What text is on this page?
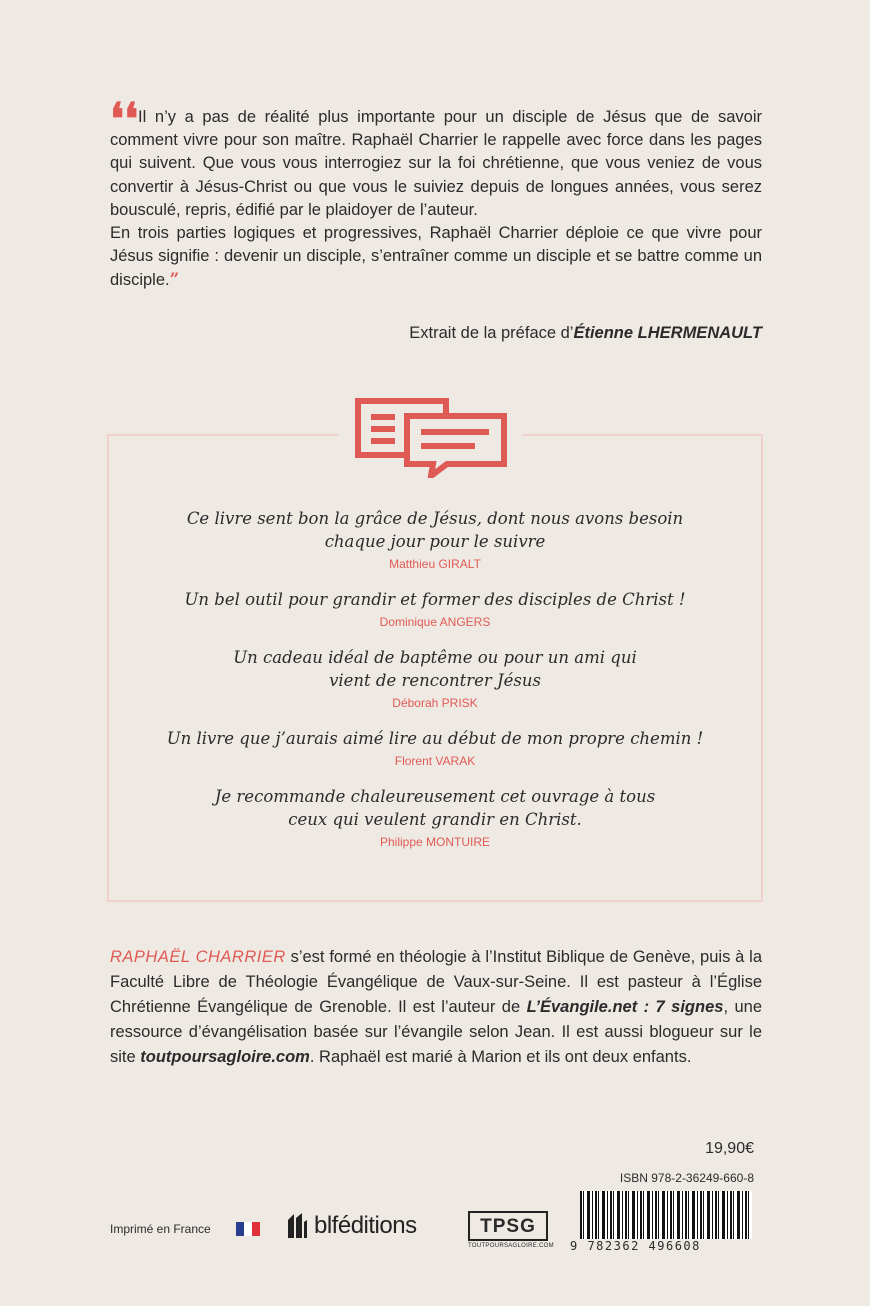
❛❛ Il n’y a pas de réalité plus importante pour un disciple de Jésus que de savoir comment vivre pour son maître. Raphaël Charrier le rappelle avec force dans les pages qui suivent. Que vous vous interrogiez sur la foi chrétienne, que vous veniez de vous convertir à Jésus-Christ ou que vous le suiviez depuis de longues années, vous serez bousculé, repris, édifié par le plaidoyer de l’auteur.
En trois parties logiques et progressives, Raphaël Charrier déploie ce que vivre pour Jésus signifie : devenir un disciple, s’entraîner comme un disciple et se battre comme un disciple.”

Extrait de la préface d’Étienne LHERMENAULT
Ce livre sent bon la grâce de Jésus, dont nous avons besoin chaque jour pour le suivre
Matthieu GIRALT
Un bel outil pour grandir et former des disciples de Christ !
Dominique ANGERS
Un cadeau idéal de baptême ou pour un ami qui vient de rencontrer Jésus
Déborah PRISK
Un livre que j’aurais aimé lire au début de mon propre chemin !
Florent VARAK
Je recommande chaleureusement cet ouvrage à tous ceux qui veulent grandir en Christ.
Philippe MONTUIRE

RAPHAËL CHARRIER s’est formé en théologie à l’Institut Biblique de Genève, puis à la Faculté Libre de Théologie Évangélique de Vaux-sur-Seine. Il est pasteur à l’Église Chrétienne Évangélique de Grenoble. Il est l’auteur de L’Évangile.net : 7 signes, une ressource d’évangélisation basée sur l’évangile selon Jean. Il est aussi blogueur sur le site toutpoursagloire.com. Raphaël est marié à Marion et ils ont deux enfants.

19,90€
ISBN 978-2-36249-660-8
9 782362 496608
Imprimé en France	blféditions	TPSG
TOUTPOURSAGLOIRE.COM
